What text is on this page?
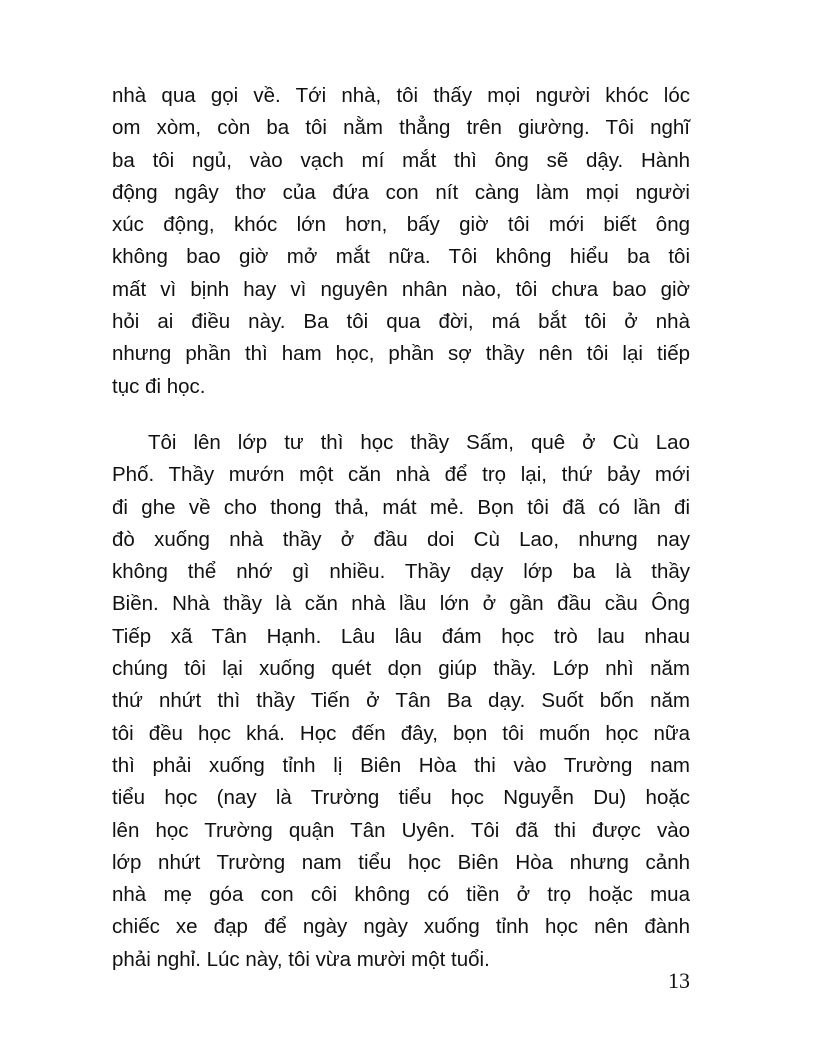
nhà qua gọi về. Tới nhà, tôi thấy mọi người khóc lóc
om xòm, còn ba tôi nằm thẳng trên giường. Tôi nghĩ
ba tôi ngủ, vào vạch mí mắt thì ông sẽ dậy. Hành
động ngây thơ của đứa con nít càng làm mọi người
xúc động, khóc lớn hơn, bấy giờ tôi mới biết ông
không bao giờ mở mắt nữa. Tôi không hiểu ba tôi
mất vì bịnh hay vì nguyên nhân nào, tôi chưa bao giờ
hỏi ai điều này. Ba tôi qua đời, má bắt tôi ở nhà
nhưng phần thì ham học, phần sợ thầy nên tôi lại tiếp
tục đi học.
Tôi lên lớp tư thì học thầy Sấm, quê ở Cù Lao
Phố. Thầy mướn một căn nhà để trọ lại, thứ bảy mới
đi ghe về cho thong thả, mát mẻ. Bọn tôi đã có lần đi
đò xuống nhà thầy ở đầu doi Cù Lao, nhưng nay
không thể nhớ gì nhiều. Thầy dạy lớp ba là thầy
Biền. Nhà thầy là căn nhà lầu lớn ở gần đầu cầu Ông
Tiếp xã Tân Hạnh. Lâu lâu đám học trò lau nhau
chúng tôi lại xuống quét dọn giúp thầy. Lớp nhì năm
thứ nhứt thì thầy Tiến ở Tân Ba dạy. Suốt bốn năm
tôi đều học khá. Học đến đây, bọn tôi muốn học nữa
thì phải xuống tỉnh lị Biên Hòa thi vào Trường nam
tiểu học (nay là Trường tiểu học Nguyễn Du) hoặc
lên học Trường quận Tân Uyên. Tôi đã thi được vào
lớp nhứt Trường nam tiểu học Biên Hòa nhưng cảnh
nhà mẹ góa con côi không có tiền ở trọ hoặc mua
chiếc xe đạp để ngày ngày xuống tỉnh học nên đành
phải nghỉ. Lúc này, tôi vừa mười một tuổi.
13
